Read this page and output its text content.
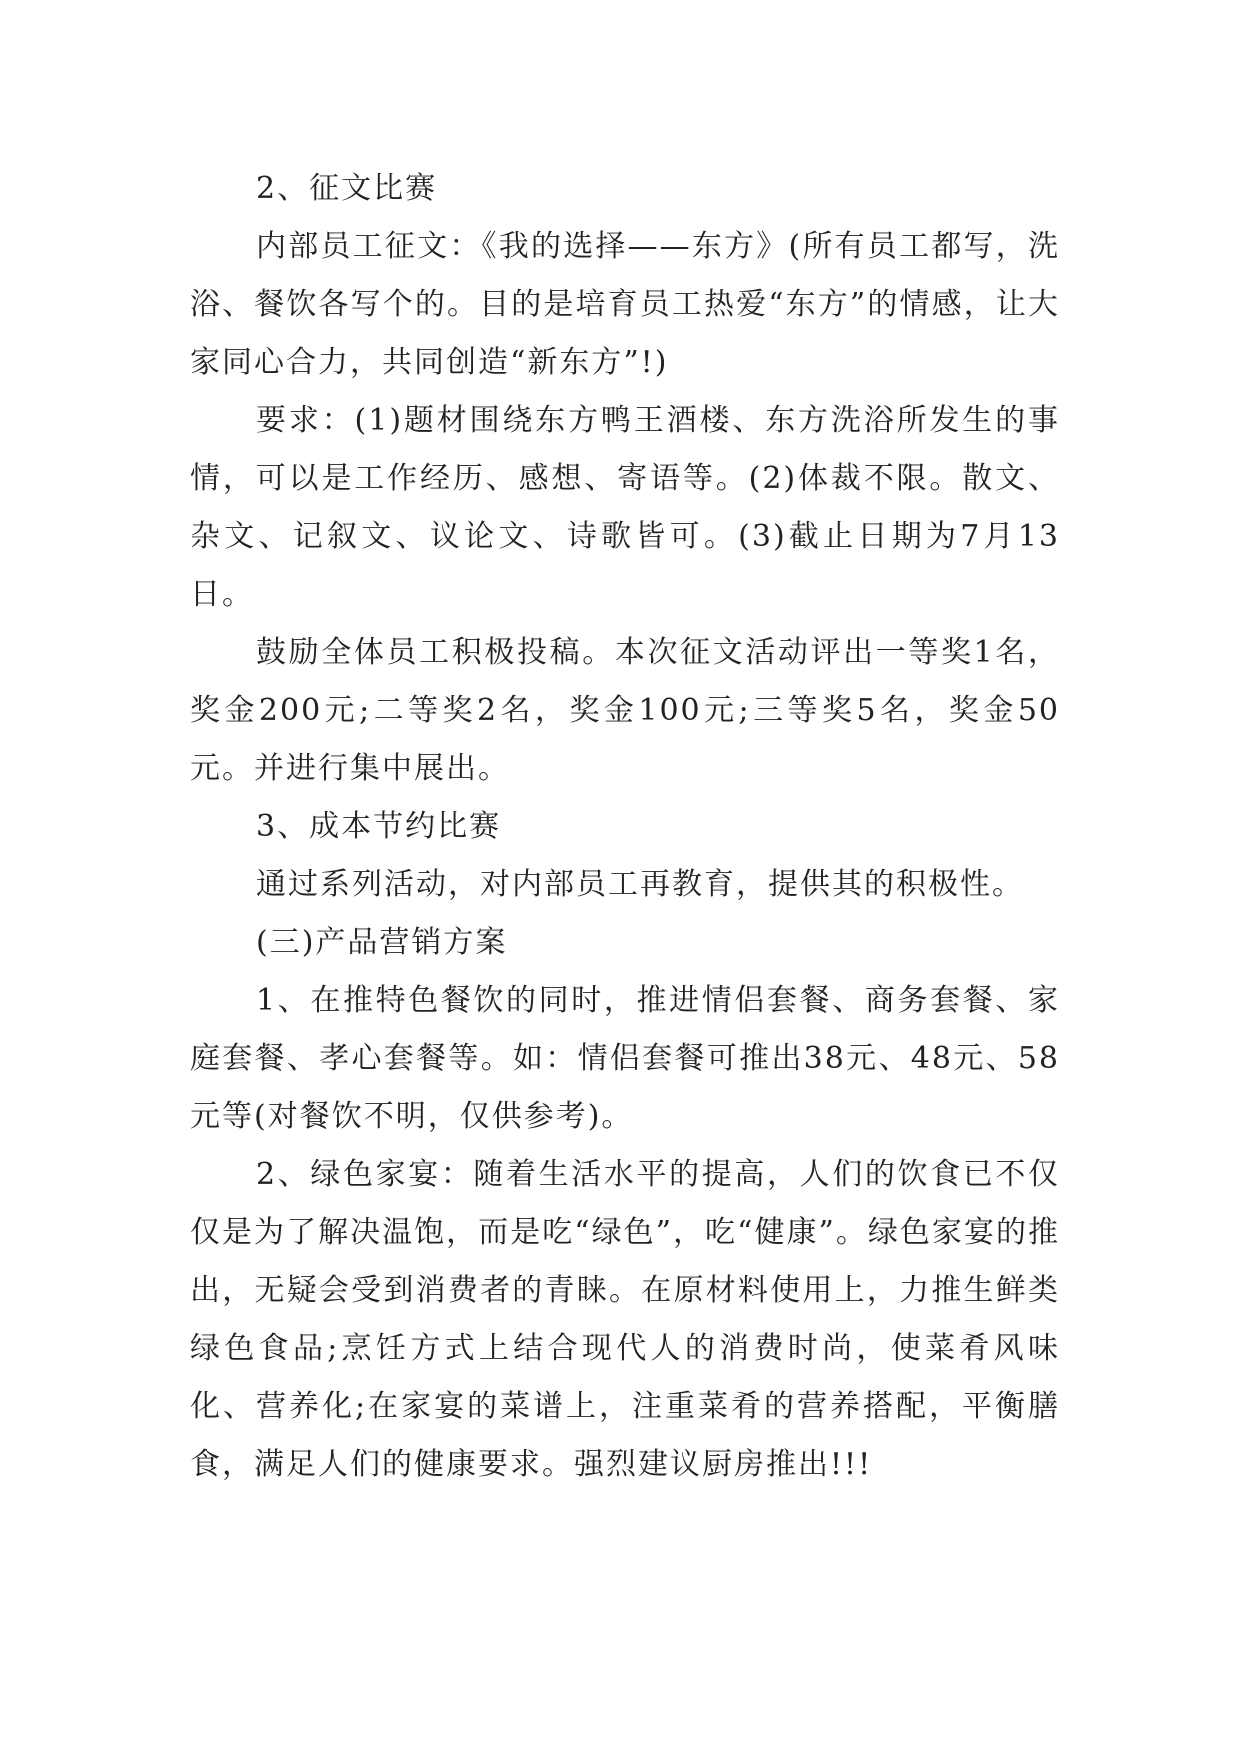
2、征文比赛

内部员工征文：《我的选择——东方》(所有员工都写，洗浴、餐饮各写个的。目的是培育员工热爱“东方”的情感，让大家同心合力，共同创造“新东方”!)

要求：(1)题材围绕东方鸭王酒楼、东方洗浴所发生的事情，可以是工作经历、感想、寄语等。(2)体裁不限。散文、杂文、记叙文、议论文、诗歌皆可。(3)截止日期为7月13日。

鼓励全体员工积极投稿。本次征文活动评出一等奖1名，奖金200元;二等奖2名，奖金100元;三等奖5名，奖金50元。并进行集中展出。

3、成本节约比赛

通过系列活动，对内部员工再教育，提供其的积极性。

(三)产品营销方案

1、在推特色餐饮的同时，推进情侣套餐、商务套餐、家庭套餐、孝心套餐等。如：情侣套餐可推出38元、48元、58元等(对餐饮不明，仅供参考)。

2、绿色家宴：随着生活水平的提高，人们的饮食已不仅仅是为了解决温饱，而是吃“绿色”，吃“健康”。绿色家宴的推出，无疑会受到消费者的青睐。在原材料使用上，力推生鲜类绿色食品;烹饪方式上结合现代人的消费时尚，使菜肴风味化、营养化;在家宴的菜谱上，注重菜肴的营养搭配，平衡膳食，满足人们的健康要求。强烈建议厨房推出!!!
